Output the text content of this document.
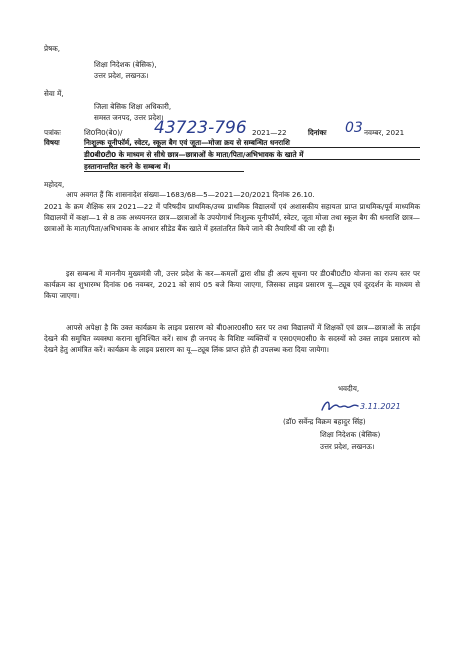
प्रेषक,
शिक्षा निदेशक (बेसिक),
उत्तर प्रदेश, लखनऊ।
सेवा में,
जिला बेसिक शिक्षा अधिकारी,
समस्त जनपद, उत्तर प्रदेश।
पत्रांकः	शि0नि0(बे0)/ 43723-796 2021—22	दिनांकः 03 नवम्बर, 2021
विषयः	निःशुल्क यूनीफॉर्म, स्वेटर, स्कूल बैग एवं जूता—मोजा क्रय से सम्बन्धित धनराशि
डी0बी0टी0 के माध्यम से सीधे छात्र—छात्राओं के माता/पिता/अभिभावक के खाते में
हस्तानान्तरित करने के सम्बन्ध में।
महोदय,
आप अवगत हैं कि शासनादेश संख्या—1683/68—5—2021—20/2021 दिनांक 26.10.
2021 के क्रम शैक्षिक सत्र 2021—22 में परिषदीय प्राथमिक/उच्च प्राथमिक विद्यालयों एवं अशासकीय सहायता प्राप्त प्राथमिक/पूर्व माध्यमिक विद्यालयों में कक्षा—1 से 8 तक अध्ययनरत छात्र—छात्राओं के उपयोगार्थ निःशुल्क यूनीफॉर्म, स्वेटर, जूता मोजा तथा स्कूल बैग की धनराशि छात्र—छात्राओं के माता/पिता/अभिभावक के आधार सीडेड बैंक खाते में हस्तांतरित किये जाने की तैयारियाँ की जा रही हैं।
इस सम्बन्ध में माननीय मुख्यमंत्री जी, उत्तर प्रदेश के कर—कमलों द्वारा शीघ्र ही अल्प सूचना पर डी0बी0टी0 योजना का राज्य स्तर पर कार्यक्रम का शुभारम्भ दिनांक 06 नवम्बर, 2021 को सायं 05 बजे किया जाएगा, जिसका लाइव प्रसारण यू—ट्यूब एवं दूरदर्शन के माध्यम से किया जाएगा।
आपसे अपेक्षा है कि उक्त कार्यक्रम के लाइव प्रसारण को बी0आर0सी0 स्तर पर तथा विद्यालयों में शिक्षकों एवं छात्र—छात्राओं के लाईव देखने की समुचित व्यवस्था कराना सुनिश्चित करें। साथ ही जनपद के विशिष्ट व्यक्तियों व एस0एम0सी0 के सदस्यों को उक्त लाइव प्रसारण को देखने हेतु आमंत्रित करें। कार्यक्रम के लाइव प्रसारण का यू—ट्यूब लिंक प्राप्त होते ही उपलब्ध करा दिया जायेगा।
भवदीय,
3.11.2021
(डॉ0 सर्वेन्द्र विक्रम बहादुर सिंह)
शिक्षा निदेशक (बेसिक)
उत्तर प्रदेश, लखनऊ।
